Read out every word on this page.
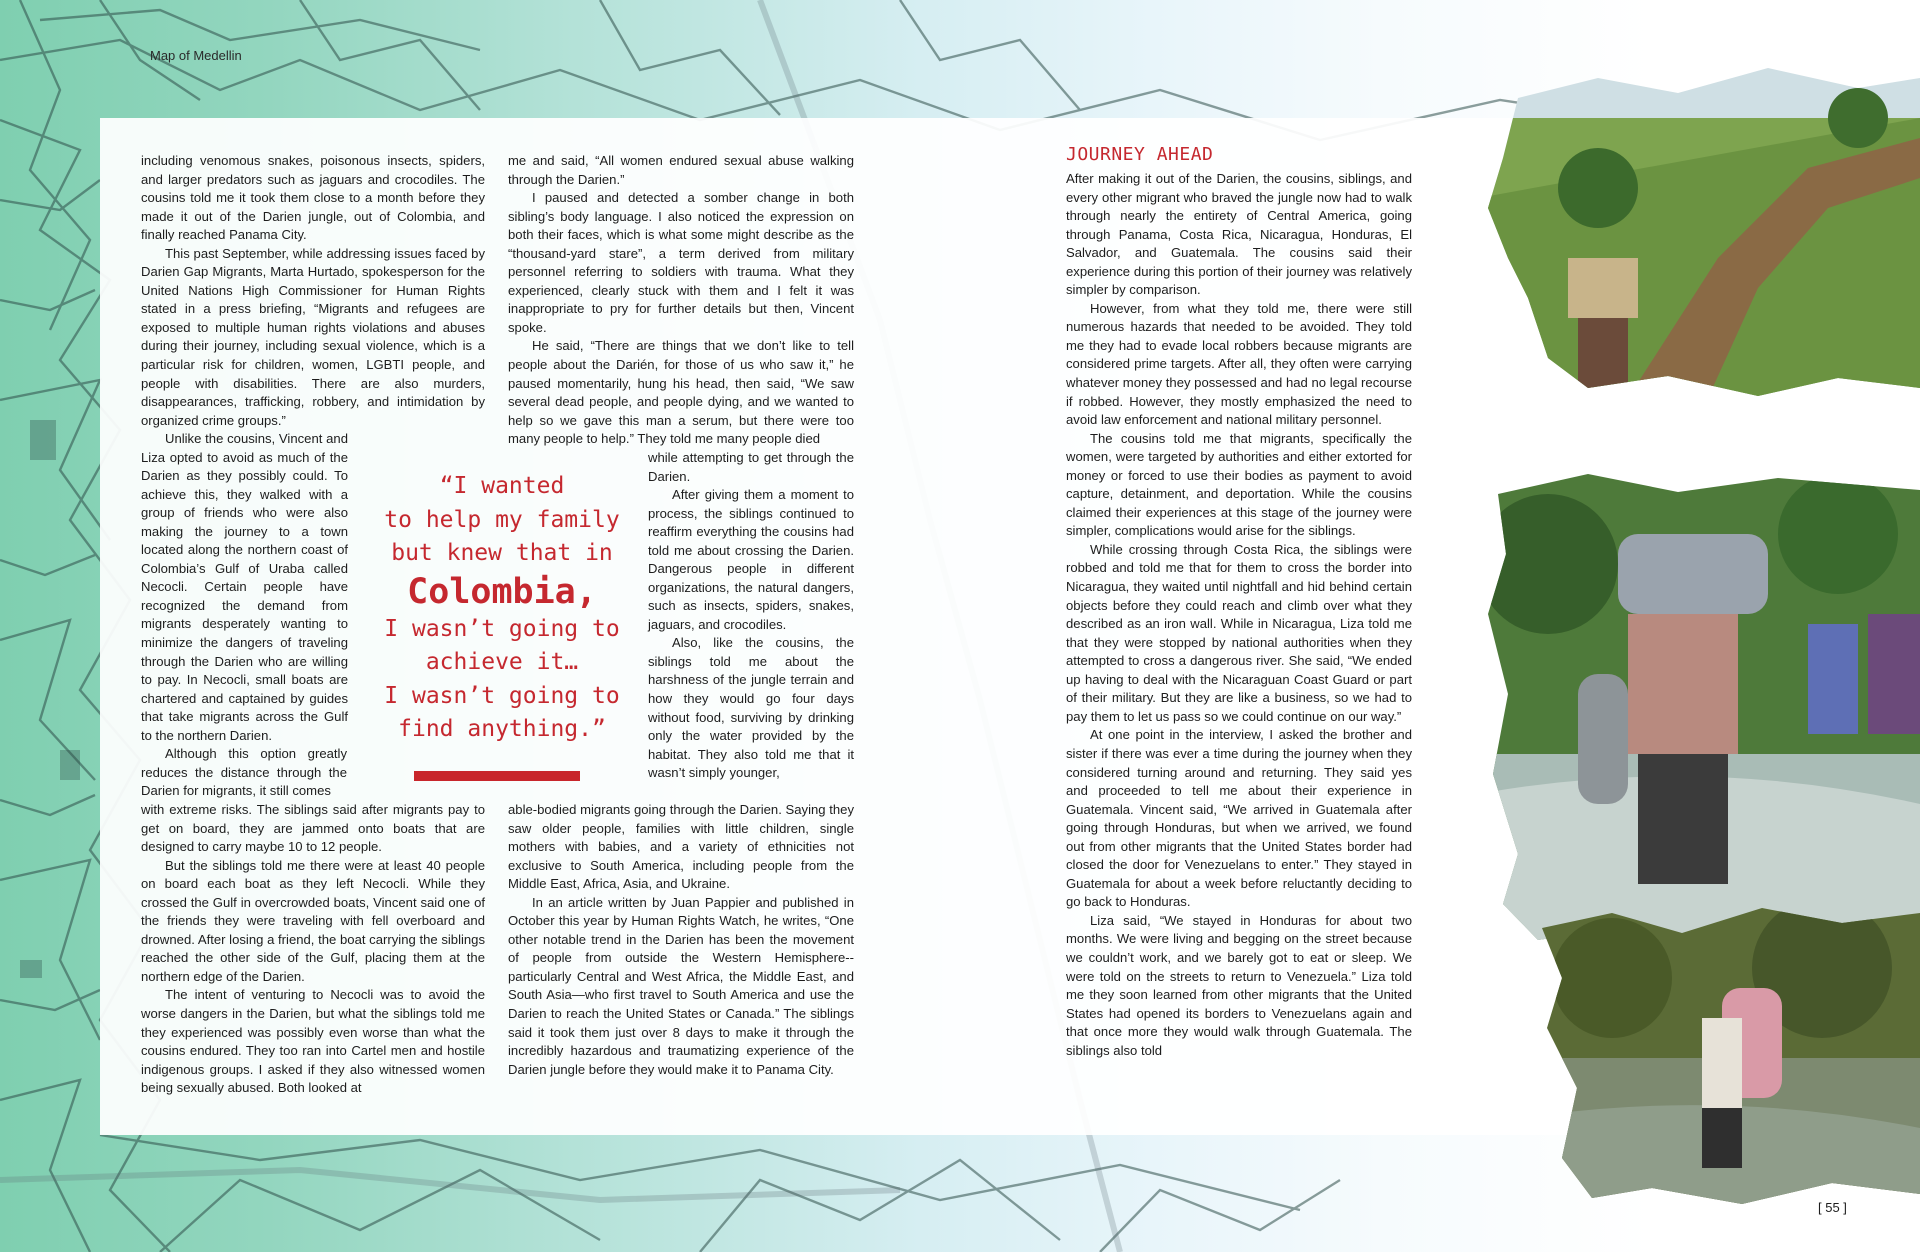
Map of Medellin

including venomous snakes, poisonous insects, spiders, and larger predators such as jaguars and crocodiles. The cousins told me it took them close to a month before they made it out of the Darien jungle, out of Colombia, and finally reached Panama City.

This past September, while addressing issues faced by Darien Gap Migrants, Marta Hurtado, spokesperson for the United Nations High Commissioner for Human Rights stated in a press briefing, “Migrants and refugees are exposed to multiple human rights violations and abuses during their journey, including sexual violence, which is a particular risk for children, women, LGBTI people, and people with disabilities. There are also murders, disappearances, trafficking, robbery, and intimidation by organized crime groups.”

Unlike the cousins, Vincent and Liza opted to avoid as much of the Darien as they possibly could. To achieve this, they walked with a group of friends who were also making the journey to a town located along the northern coast of Colombia’s Gulf of Uraba called Necocli. Certain people have recognized the demand from migrants desperately wanting to minimize the dangers of traveling through the Darien who are willing to pay. In Necocli, small boats are chartered and captained by guides that take migrants across the Gulf to the northern Darien.

Although this option greatly reduces the distance through the Darien for migrants, it still comes

with extreme risks. The siblings said after migrants pay to get on board, they are jammed onto boats that are designed to carry maybe 10 to 12 people.

But the siblings told me there were at least 40 people on board each boat as they left Necocli. While they crossed the Gulf in overcrowded boats, Vincent said one of the friends they were traveling with fell overboard and drowned. After losing a friend, the boat carrying the siblings reached the other side of the Gulf, placing them at the northern edge of the Darien.

The intent of venturing to Necocli was to avoid the worse dangers in the Darien, but what the siblings told me they experienced was possibly even worse than what the cousins endured. They too ran into Cartel men and hostile indigenous groups. I asked if they also witnessed women being sexually abused. Both looked at

me and said, “All women endured sexual abuse walking through the Darien.”

I paused and detected a somber change in both sibling’s body language. I also noticed the expression on both their faces, which is what some might describe as the “thousand-yard stare”, a term derived from military personnel referring to soldiers with trauma. What they experienced, clearly stuck with them and I felt it was inappropriate to pry for further details but then, Vincent spoke.

He said, “There are things that we don’t like to tell people about the Darién, for those of us who saw it,” he paused momentarily, hung his head, then said, “We saw several dead people, and people dying, and we wanted to help so we gave this man a serum, but there were too many people to help.” They told me many people died

while attempting to get through the Darien.

After giving them a moment to process, the siblings continued to reaffirm everything the cousins had told me about crossing the Darien. Dangerous people in different organizations, the natural dangers, such as insects, spiders, snakes, jaguars, and crocodiles.

Also, like the cousins, the siblings told me about the harshness of the jungle terrain and how they would go four days without food, surviving by drinking only the water provided by the habitat. They also told me that it wasn’t simply younger,

able-bodied migrants going through the Darien. Saying they saw older people, families with little children, single mothers with babies, and a variety of ethnicities not exclusive to South America, including people from the Middle East, Africa, Asia, and Ukraine.

In an article written by Juan Pappier and published in October this year by Human Rights Watch, he writes, “One other notable trend in the Darien has been the movement of people from outside the Western Hemisphere--particularly Central and West Africa, the Middle East, and South Asia—who first travel to South America and use the Darien to reach the United States or Canada.” The siblings said it took them just over 8 days to make it through the incredibly hazardous and traumatizing experience of the Darien jungle before they would make it to Panama City.

“I wanted
to help my family
but knew that in
Colombia,
I wasn’t going to
achieve it…
I wasn’t going to
find anything.”
JOURNEY AHEAD

After making it out of the Darien, the cousins, siblings, and every other migrant who braved the jungle now had to walk through nearly the entirety of Central America, going through Panama, Costa Rica, Nicaragua, Honduras, El Salvador, and Guatemala. The cousins said their experience during this portion of their journey was relatively simpler by comparison.

However, from what they told me, there were still numerous hazards that needed to be avoided. They told me they had to evade local robbers because migrants are considered prime targets. After all, they often were carrying whatever money they possessed and had no legal recourse if robbed. However, they mostly emphasized the need to avoid law enforcement and national military personnel.

The cousins told me that migrants, specifically the women, were targeted by authorities and either extorted for money or forced to use their bodies as payment to avoid capture, detainment, and deportation. While the cousins claimed their experiences at this stage of the journey were simpler, complications would arise for the siblings.

While crossing through Costa Rica, the siblings were robbed and told me that for them to cross the border into Nicaragua, they waited until nightfall and hid behind certain objects before they could reach and climb over what they described as an iron wall. While in Nicaragua, Liza told me that they were stopped by national authorities when they attempted to cross a dangerous river. She said, “We ended up having to deal with the Nicaraguan Coast Guard or part of their military. But they are like a business, so we had to pay them to let us pass so we could continue on our way.”

At one point in the interview, I asked the brother and sister if there was ever a time during the journey when they considered turning around and returning. They said yes and proceeded to tell me about their experience in Guatemala. Vincent said, “We arrived in Guatemala after going through Honduras, but when we arrived, we found out from other migrants that the United States border had closed the door for Venezuelans to enter.” They stayed in Guatemala for about a week before reluctantly deciding to go back to Honduras.

Liza said, “We stayed in Honduras for about two months. We were living and begging on the street because we couldn’t work, and we barely got to eat or sleep. We were told on the streets to return to Venezuela.” Liza told me they soon learned from other migrants that the United States had opened its borders to Venezuelans again and that once more they would walk through Guatemala. The siblings also told

[ 55 ]
